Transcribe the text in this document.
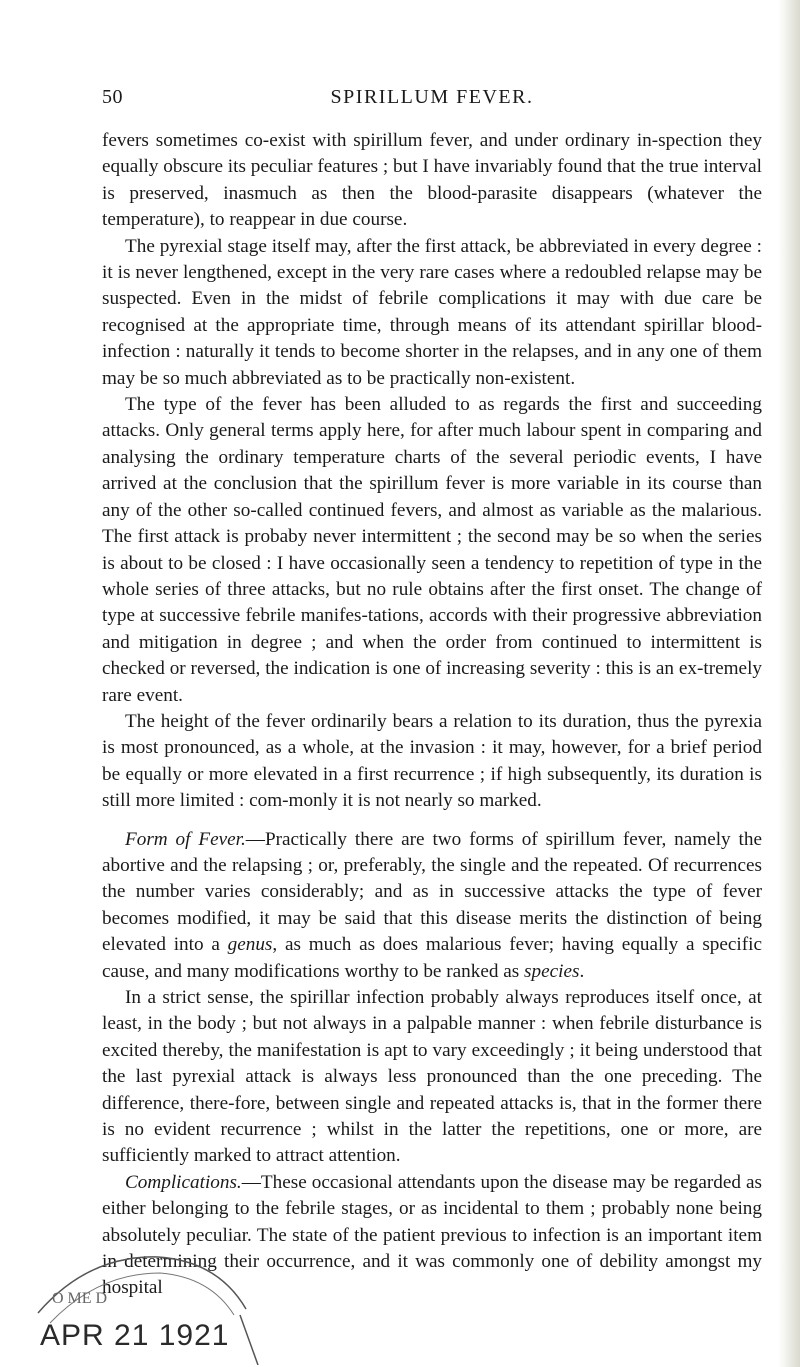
50	SPIRILLUM FEVER.

fevers sometimes co-exist with spirillum fever, and under ordinary in-spection they equally obscure its peculiar features ; but I have invariably found that the true interval is preserved, inasmuch as then the blood-parasite disappears (whatever the temperature), to reappear in due course.

The pyrexial stage itself may, after the first attack, be abbreviated in every degree : it is never lengthened, except in the very rare cases where a redoubled relapse may be suspected. Even in the midst of febrile complications it may with due care be recognised at the appropriate time, through means of its attendant spirillar blood-infection : naturally it tends to become shorter in the relapses, and in any one of them may be so much abbreviated as to be practically non-existent.

The type of the fever has been alluded to as regards the first and succeeding attacks. Only general terms apply here, for after much labour spent in comparing and analysing the ordinary temperature charts of the several periodic events, I have arrived at the conclusion that the spirillum fever is more variable in its course than any of the other so-called continued fevers, and almost as variable as the malarious. The first attack is probaby never intermittent ; the second may be so when the series is about to be closed : I have occasionally seen a tendency to repetition of type in the whole series of three attacks, but no rule obtains after the first onset. The change of type at successive febrile manifes-tations, accords with their progressive abbreviation and mitigation in degree ; and when the order from continued to intermittent is checked or reversed, the indication is one of increasing severity : this is an ex-tremely rare event.

The height of the fever ordinarily bears a relation to its duration, thus the pyrexia is most pronounced, as a whole, at the invasion : it may, however, for a brief period be equally or more elevated in a first recurrence ; if high subsequently, its duration is still more limited : com-monly it is not nearly so marked.

Form of Fever.—Practically there are two forms of spirillum fever, namely the abortive and the relapsing ; or, preferably, the single and the repeated. Of recurrences the number varies considerably; and as in successive attacks the type of fever becomes modified, it may be said that this disease merits the distinction of being elevated into a genus, as much as does malarious fever; having equally a specific cause, and many modifications worthy to be ranked as species.

In a strict sense, the spirillar infection probably always reproduces itself once, at least, in the body ; but not always in a palpable manner : when febrile disturbance is excited thereby, the manifestation is apt to vary exceedingly ; it being understood that the last pyrexial attack is always less pronounced than the one preceding. The difference, there-fore, between single and repeated attacks is, that in the former there is no evident recurrence ; whilst in the latter the repetitions, one or more, are sufficiently marked to attract attention.

Complications.—These occasional attendants upon the disease may be regarded as either belonging to the febrile stages, or as incidental to them ; probably none being absolutely peculiar. The state of the patient previous to infection is an important item in determining their occurrence, and it was commonly one of debility amongst my hospital

O ME D
APR 21 1921
